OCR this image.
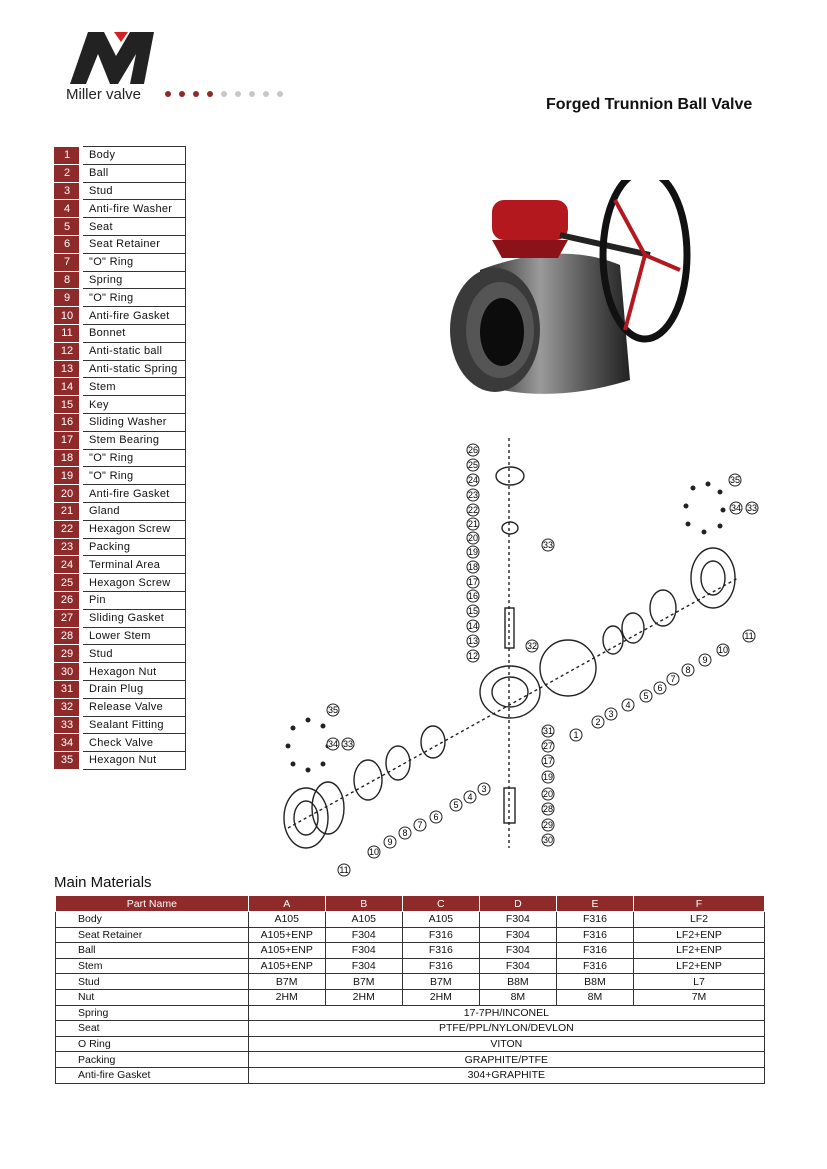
Miller valve
Forged Trunnion Ball Valve
1	Body
2	Ball
3	Stud
4	Anti-fire Washer
5	Seat
6	Seat Retainer
7	"O" Ring
8	Spring
9	"O" Ring
10	Anti-fire Gasket
11	Bonnet
12	Anti-static ball
13	Anti-static Spring
14	Stem
15	Key
16	Sliding Washer
17	Stem Bearing
18	"O" Ring
19	"O" Ring
20	Anti-fire Gasket
21	Gland
22	Hexagon Screw
23	Packing
24	Terminal Area
25	Hexagon Screw
26	Pin
27	Sliding Gasket
28	Lower Stem
29	Stud
30	Hexagon Nut
31	Drain Plug
32	Release Valve
33	Sealant Fitting
34	Check Valve
35	Hexagon Nut
26
25
24
23
22
21
20
19
18
17
16
15
14
13
12
33
32
1
31
27
17
19
20
28
29
30
35
34 33
11
10
9
8
7
6
5
4
3
2
35
34 33
3
4
5
6
7
8
9
10
11
Main Materials
Part Name	A	B	C	D	E	F
Body	A105	A105	A105	F304	F316	LF2
Seat Retainer	A105+ENP	F304	F316	F304	F316	LF2+ENP
Ball	A105+ENP	F304	F316	F304	F316	LF2+ENP
Stem	A105+ENP	F304	F316	F304	F316	LF2+ENP
Stud	B7M	B7M	B7M	B8M	B8M	L7
Nut	2HM	2HM	2HM	8M	8M	7M
Spring	17-7PH/INCONEL					
Seat	PTFE/PPL/NYLON/DEVLON					
O Ring	VITON					
Packing	GRAPHITE/PTFE					
Anti-fire Gasket	304+GRAPHITE					
